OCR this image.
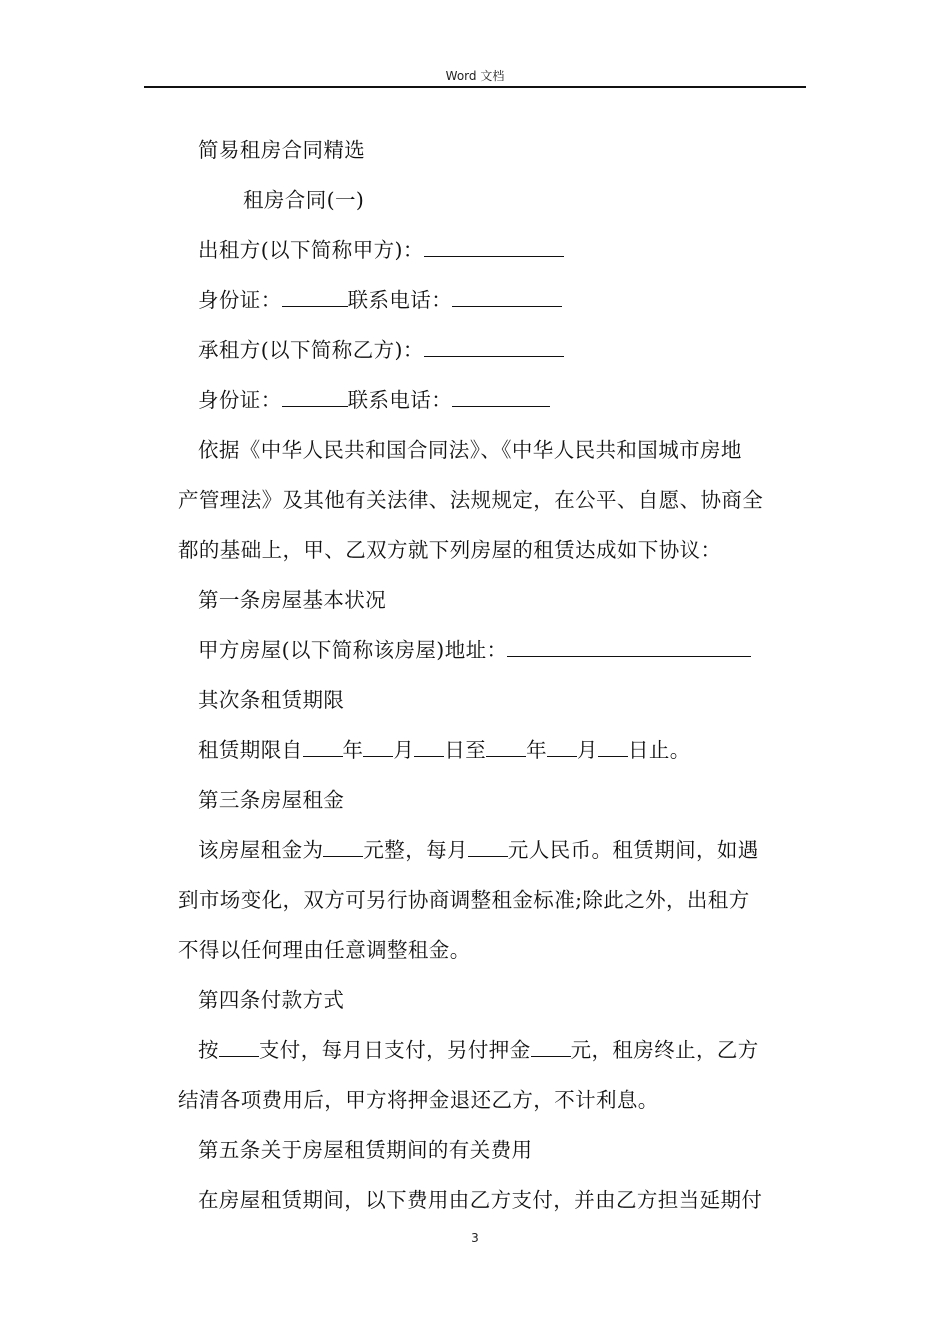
Word 文档
简易租房合同精选
租房合同(一)
出租方(以下简称甲方)：
身份证：	联系电话：
承租方(以下简称乙方)：
身份证：	联系电话：
依据《中华人民共和国合同法》、《中华人民共和国城市房地
产管理法》及其他有关法律、法规规定，在公平、自愿、协商全
都的基础上，甲、乙双方就下列房屋的租赁达成如下协议：
第一条房屋基本状况
甲方房屋(以下简称该房屋)地址：
其次条租赁期限
租赁期限自 年 月 日至 年 月 日止。
第三条房屋租金
该房屋租金为 元整，每月 元人民币。租赁期间，如遇
到市场变化，双方可另行协商调整租金标准;除此之外，出租方
不得以任何理由任意调整租金。
第四条付款方式
按 支付，每月日支付，另付押金 元，租房终止，乙方
结清各项费用后，甲方将押金退还乙方，不计利息。
第五条关于房屋租赁期间的有关费用
在房屋租赁期间，以下费用由乙方支付，并由乙方担当延期付
3
